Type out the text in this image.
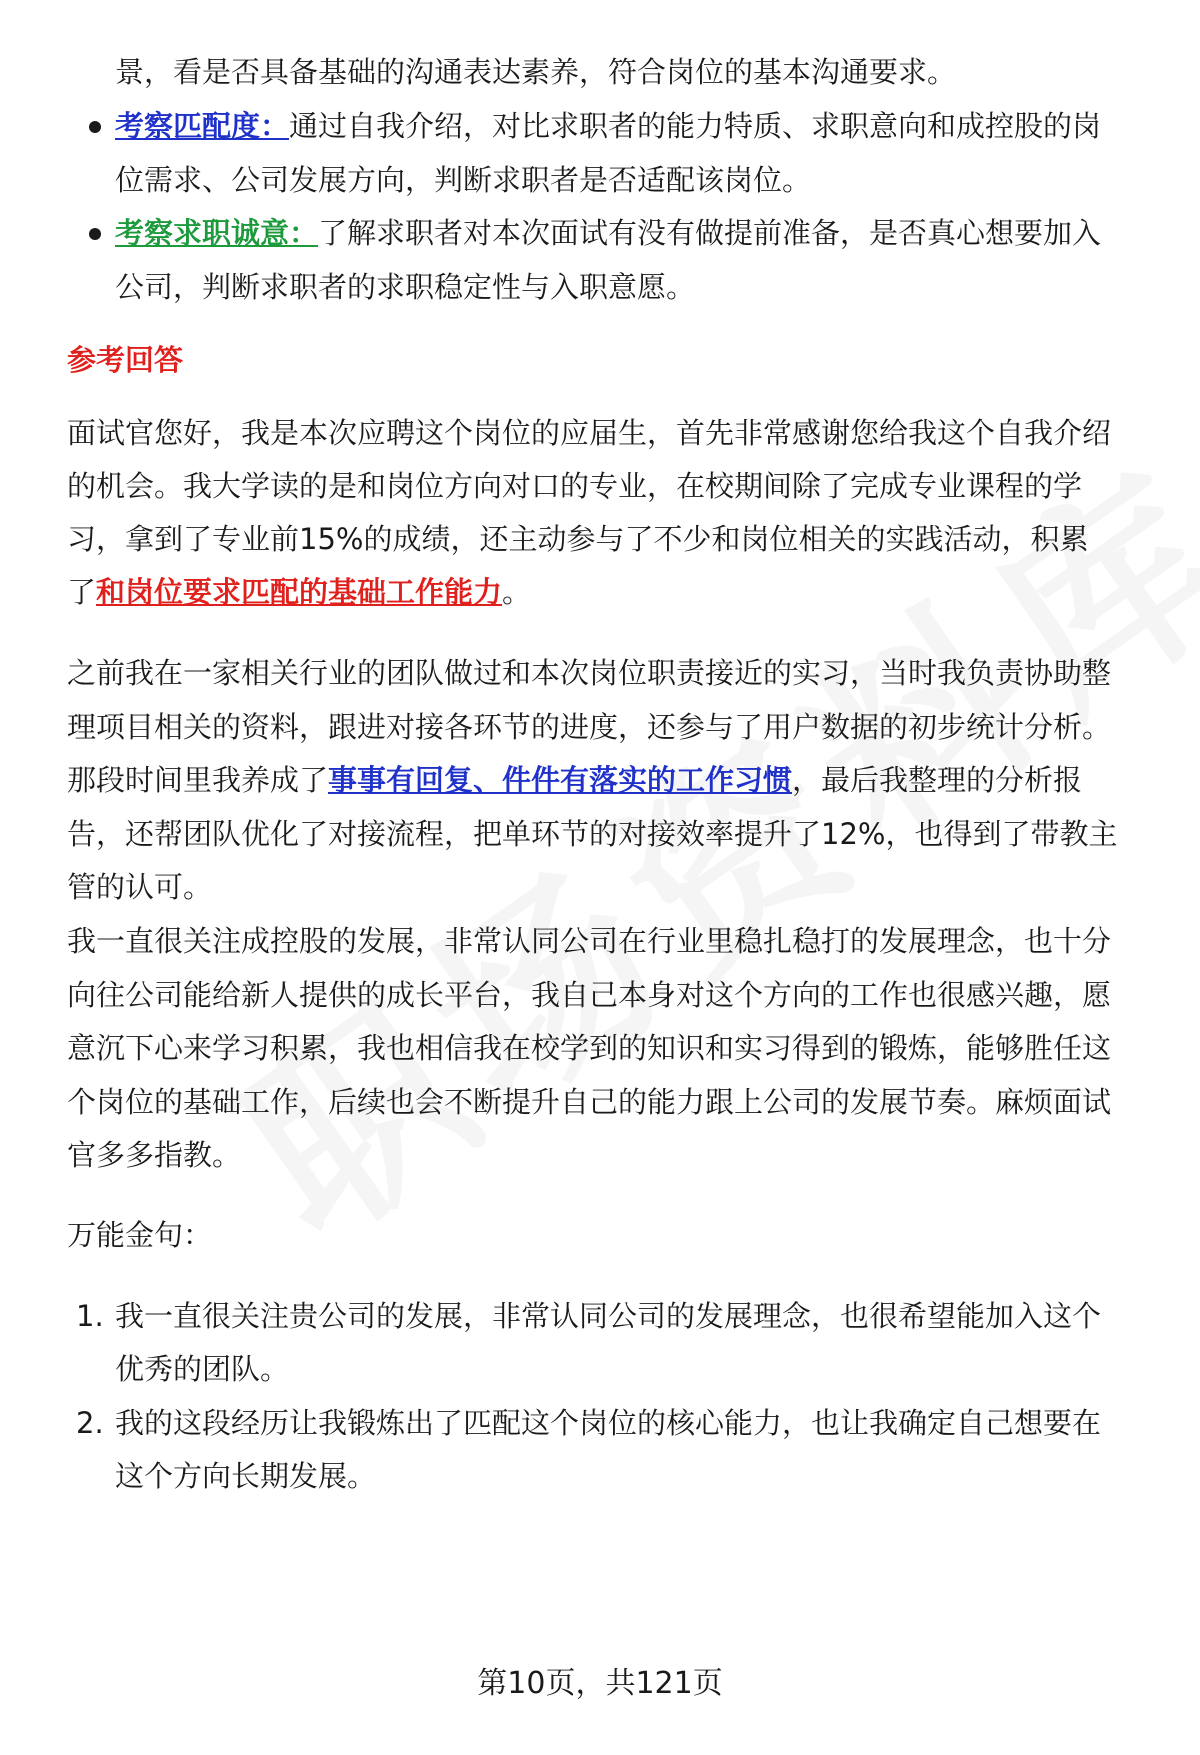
景，看是否具备基础的沟通表达素养，符合岗位的基本沟通要求。
考察匹配度：通过自我介绍，对比求职者的能力特质、求职意向和成控股的岗
位需求、公司发展方向，判断求职者是否适配该岗位。
考察求职诚意：了解求职者对本次面试有没有做提前准备，是否真心想要加入
公司，判断求职者的求职稳定性与入职意愿。
参考回答
面试官您好，我是本次应聘这个岗位的应届生，首先非常感谢您给我这个自我介绍
的机会。我大学读的是和岗位方向对口的专业，在校期间除了完成专业课程的学
习，拿到了专业前15%的成绩，还主动参与了不少和岗位相关的实践活动，积累
了和岗位要求匹配的基础工作能力。
之前我在一家相关行业的团队做过和本次岗位职责接近的实习，当时我负责协助整
理项目相关的资料，跟进对接各环节的进度，还参与了用户数据的初步统计分析。
那段时间里我养成了事事有回复、件件有落实的工作习惯，最后我整理的分析报
告，还帮团队优化了对接流程，把单环节的对接效率提升了12%，也得到了带教主
管的认可。
我一直很关注成控股的发展，非常认同公司在行业里稳扎稳打的发展理念，也十分
向往公司能给新人提供的成长平台，我自己本身对这个方向的工作也很感兴趣，愿
意沉下心来学习积累，我也相信我在校学到的知识和实习得到的锻炼，能够胜任这
个岗位的基础工作，后续也会不断提升自己的能力跟上公司的发展节奏。麻烦面试
官多多指教。
万能金句：
1. 我一直很关注贵公司的发展，非常认同公司的发展理念，也很希望能加入这个
优秀的团队。
2. 我的这段经历让我锻炼出了匹配这个岗位的核心能力，也让我确定自己想要在
这个方向长期发展。
第10页，共121页
